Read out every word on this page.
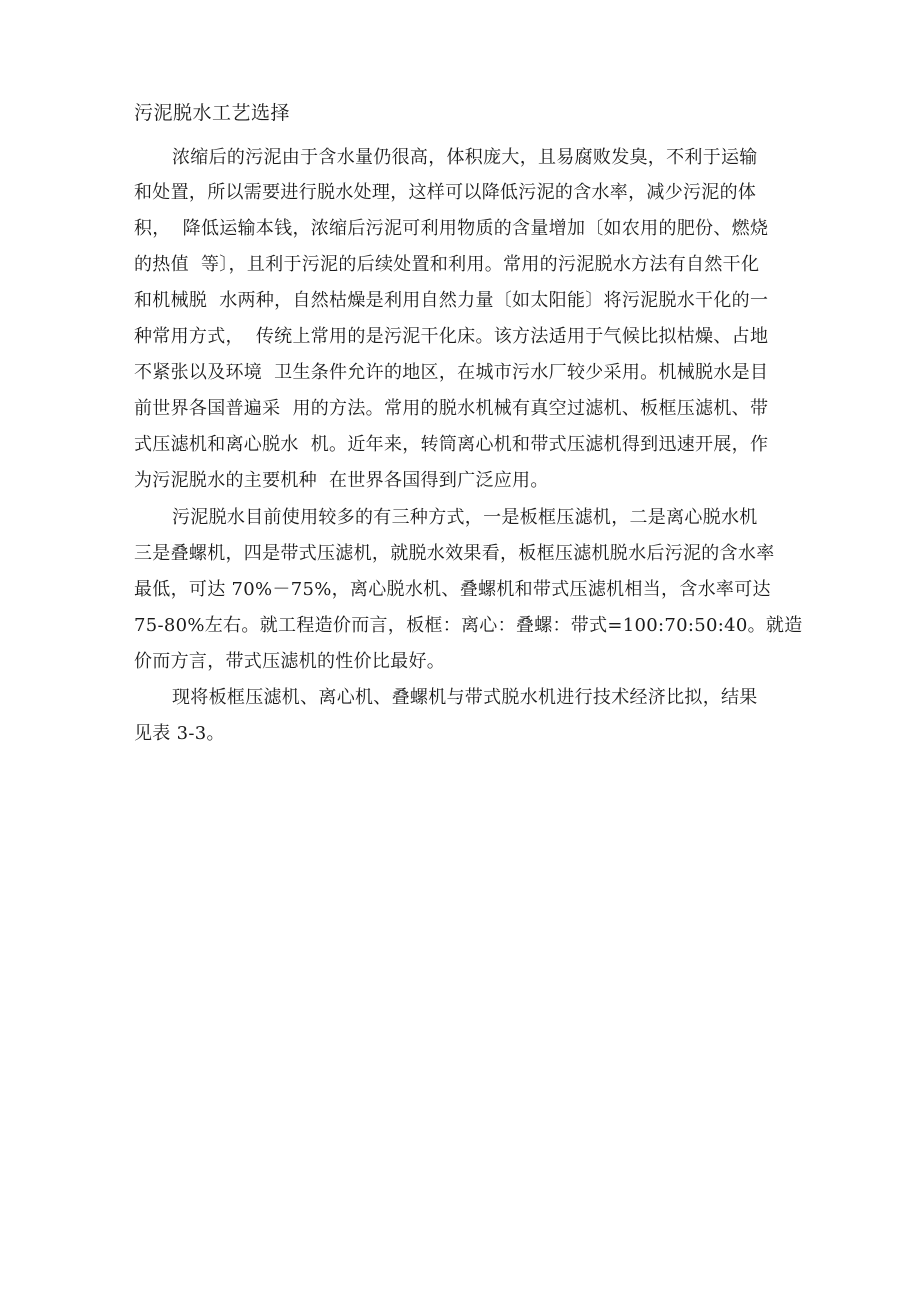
污泥脱水工艺选择
浓缩后的污泥由于含水量仍很高，体积庞大，且易腐败发臭，不利于运输
和处置，所以需要进行脱水处理，这样可以降低污泥的含水率，减少污泥的体
积，  降低运输本钱，浓缩后污泥可利用物质的含量增加〔如农用的肥份、燃烧
的热值  等〕，且利于污泥的后续处置和利用。常用的污泥脱水方法有自然干化
和机械脱  水两种，自然枯燥是利用自然力量〔如太阳能〕将污泥脱水干化的一
种常用方式，  传统上常用的是污泥干化床。该方法适用于气候比拟枯燥、占地
不紧张以及环境  卫生条件允许的地区，在城市污水厂较少采用。机械脱水是目
前世界各国普遍采  用的方法。常用的脱水机械有真空过滤机、板框压滤机、带
式压滤机和离心脱水  机。近年来，转筒离心机和带式压滤机得到迅速开展，作
为污泥脱水的主要机种  在世界各国得到广泛应用。
污泥脱水目前使用较多的有三种方式，一是板框压滤机，二是离心脱水机
三是叠螺机，四是带式压滤机，就脱水效果看，板框压滤机脱水后污泥的含水率
最低，可达 70%－75%，离心脱水机、叠螺机和带式压滤机相当，含水率可达
75-80%左右。就工程造价而言，板框：离心：叠螺：带式=100:70:50:40。就造
价而方言，带式压滤机的性价比最好。
现将板框压滤机、离心机、叠螺机与带式脱水机进行技术经济比拟，结果
见表 3-3。
